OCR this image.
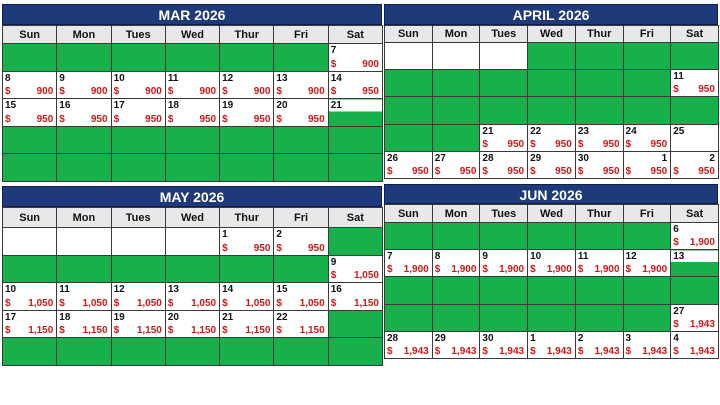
MAR 2026
Sun	Mon	Tues	Wed	Thur	Fri	Sat

						7
$ 900

8
$ 900	9
$ 900	10
$ 900	11
$ 900	12
$ 900	13
$ 900	14
$ 950

15
$ 950	16
$ 950	17
$ 950	18
$ 950	19
$ 950	20
$ 950	21

APRIL 2026
Sun	Mon	Tues	Wed	Thur	Fri	Sat

						11
$ 950

		21
$ 950	22
$ 950	23
$ 950	24
$ 950	25

26
$ 950	27
$ 950	28
$ 950	29
$ 950	30
$ 950	1
$ 950	2
$ 950
MAY 2026
Sun	Mon	Tues	Wed	Thur	Fri	Sat

				1
$ 950	2
$ 950	

						9
$ 1,050

10
$ 1,050	11
$ 1,050	12
$ 1,050	13
$ 1,050	14
$ 1,050	15
$ 1,050	16
$ 1,150

17
$ 1,150	18
$ 1,150	19
$ 1,150	20
$ 1,150	21
$ 1,150	22
$ 1,150	

JUN 2026
Sun	Mon	Tues	Wed	Thur	Fri	Sat

						6
$ 1,900

7
$ 1,900	8
$ 1,900	9
$ 1,900	10
$ 1,900	11
$ 1,900	12
$ 1,900	13

						27
$ 1,943

28
$ 1,943	29
$ 1,943	30
$ 1,943	1
$ 1,943	2
$ 1,943	3
$ 1,943	4
$ 1,943
